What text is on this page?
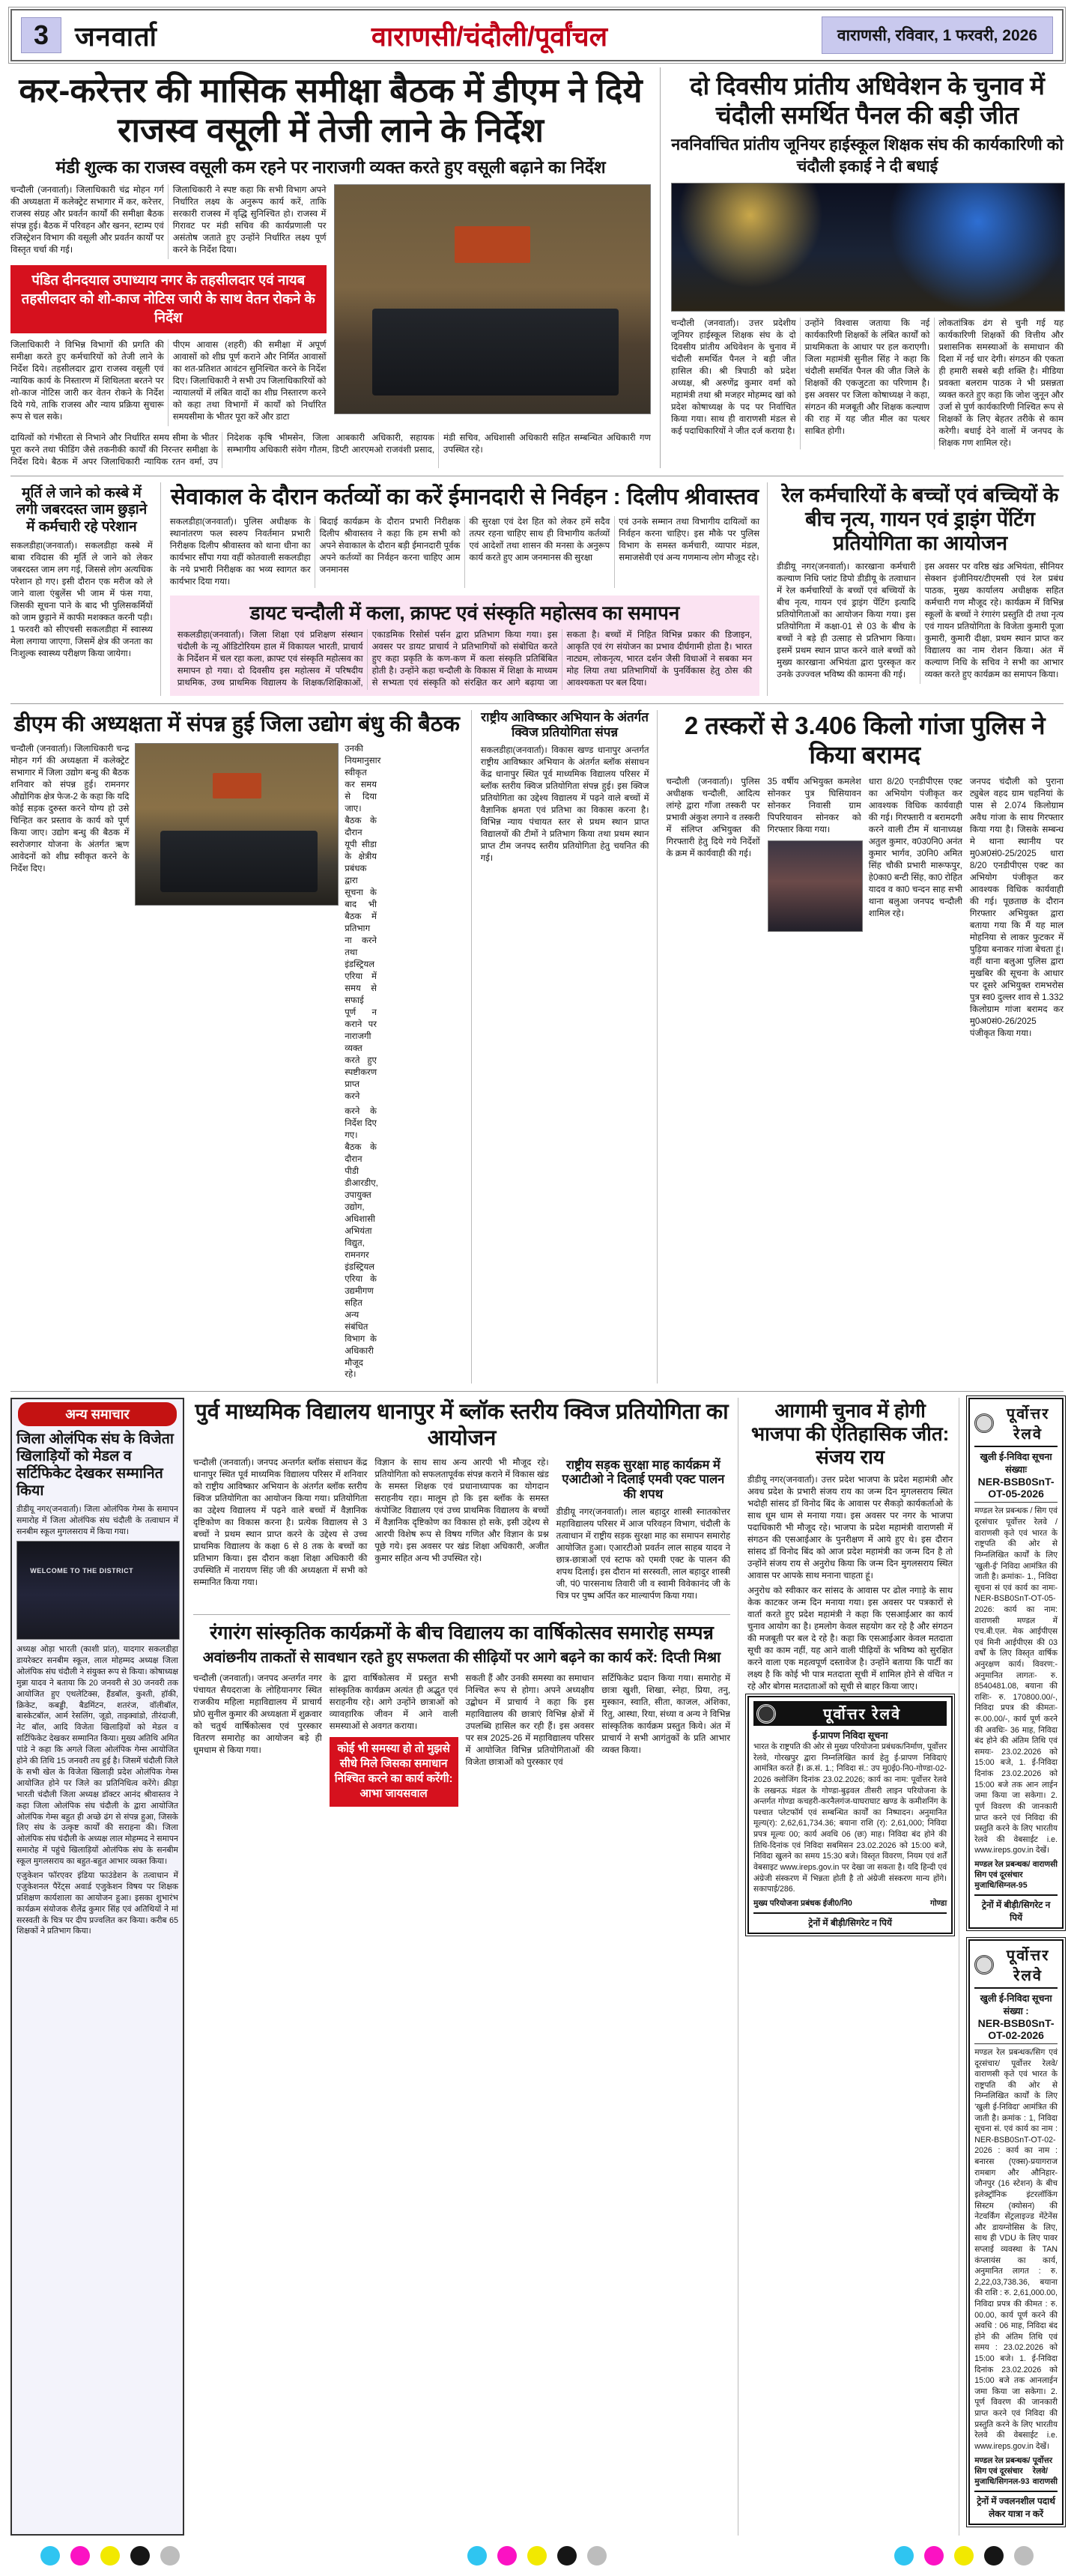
3 जनवार्ता	वाराणसी/चंदौली/पूर्वांचल	वाराणसी, रविवार, 1 फरवरी, 2026
कर-करेत्तर की मासिक समीक्षा बैठक में डीएम ने दिये राजस्व वसूली में तेजी लाने के निर्देश
मंडी शुल्क का राजस्व वसूली कम रहने पर नाराजगी व्यक्त करते हुए वसूली बढ़ाने का निर्देश

चन्दौली (जनवार्ता)। जिलाधिकारी चंद्र मोहन गर्ग की अध्यक्षता में कलेक्ट्रेट सभागार में कर, करेत्तर, राजस्व संग्रह और प्रवर्तन कार्यों की समीक्षा बैठक संपन्न हुई। बैठक में परिवहन और खनन, स्टाम्प एवं रजिस्ट्रेशन विभाग की वसूली और प्रवर्तन कार्यों पर विस्तृत चर्चा की गई।

जिलाधिकारी ने स्पष्ट कहा कि सभी विभाग अपने निर्धारित लक्ष्य के अनुरूप कार्य करें, ताकि सरकारी राजस्व में वृद्धि सुनिश्चित हो। राजस्व में गिरावट पर मंडी सचिव की कार्यप्रणाली पर असंतोष जताते हुए उन्होंने निर्धारित लक्ष्य पूर्ण करने के निर्देश दिया।

पंडित दीनदयाल उपाध्याय नगर के तहसीलदार एवं नायब तहसीलदार को शो-काज नोटिस जारी के साथ वेतन रोकने के निर्देश

जिलाधिकारी ने विभिन्न विभागों की प्रगति की समीक्षा करते हुए कर्मचारियों को तेजी लाने के निर्देश दिये। तहसीलदार द्वारा राजस्व वसूली एवं न्यायिक कार्य के निस्तारण में शिथिलता बरतने पर शो-काज नोटिस जारी कर वेतन रोकने के निर्देश दिये गये, ताकि राजस्व और न्याय प्रक्रिया सुचारू रूप से चल सके।

पीएम आवास (शहरी) की समीक्षा में अपूर्ण आवासों को शीघ्र पूर्ण कराने और निर्मित आवासों का शत-प्रतिशत आवंटन सुनिश्चित करने के निर्देश दिए। जिलाधिकारी ने सभी उप जिलाधिकारियों को न्यायालयों में लंबित वादों का शीघ्र निस्तारण करने को कहा तथा विभागों में कार्यों को निर्धारित समयसीमा के भीतर पूरा करें और डाटा

दायित्वों को गंभीरता से निभाने और निर्धारित समय सीमा के भीतर पूरा करने तथा फीडिंग जैसे तकनीकी कार्यों की निरन्तर समीक्षा के निर्देश दिये। बैठक में अपर जिलाधिकारी न्यायिक रतन वर्मा, उप निदेशक कृषि भीमसेन, जिला आबकारी अधिकारी, सहायक सम्भागीय अधिकारी संवेग गौतम, डिप्टी आरएमओ राजवंशी प्रसाद, मंडी सचिव, अधिशासी अधिकारी सहित सम्बन्धित अधिकारी गण उपस्थित रहे।

दो दिवसीय प्रांतीय अधिवेशन के चुनाव में चंदौली समर्थित पैनल की बड़ी जीत
नवनिर्वाचित प्रांतीय जूनियर हाईस्कूल शिक्षक संघ की कार्यकारिणी को चंदौली इकाई ने दी बधाई

चन्दौली (जनवार्ता)। उत्तर प्रदेशीय जूनियर हाईस्कूल शिक्षक संघ के दो दिवसीय प्रांतीय अधिवेशन के चुनाव में चंदौली समर्थित पैनल ने बड़ी जीत हासिल की। श्री त्रिपाठी को प्रदेश अध्यक्ष, श्री अरुणेंद्र कुमार वर्मा को महामंत्री तथा श्री मजहर मोहम्मद खां को प्रदेश कोषाध्यक्ष के पद पर निर्वाचित किया गया। साथ ही वाराणसी मंडल से कई पदाधिकारियों ने जीत दर्ज कराया है।

उन्होंने विश्वास जताया कि नई कार्यकारिणी शिक्षकों के लंबित कार्यों को प्राथमिकता के आधार पर हल कराएगी। जिला महामंत्री सुनील सिंह ने कहा कि चंदौली समर्थित पैनल की जीत जिले के शिक्षकों की एकजुटता का परिणाम है। इस अवसर पर जिला कोषाध्यक्ष ने कहा, संगठन की मजबूती और शिक्षक कल्याण की राह में यह जीत मील का पत्थर साबित होगी।

लोकतांत्रिक ढंग से चुनी गई यह कार्यकारिणी शिक्षकों की वित्तीय और प्रशासनिक समस्याओं के समाधान की दिशा में नई धार देगी। संगठन की एकता ही हमारी सबसे बड़ी शक्ति है। मीडिया प्रवक्ता बलराम पाठक ने भी प्रसन्नता व्यक्त करते हुए कहा कि जोश जुनून और उर्जा से पुर्ण कार्यकारिणी निश्चित रूप से शिक्षकों के लिए बेहतर तरीके से काम करेगी। बधाई देने वालों में जनपद के शिक्षक गण शामिल रहे।

मूर्ति ले जाने को कस्बे में लगी जबरदस्त जाम छुड़ाने में कर्मचारी रहे परेशान

सकलडीहा(जनवार्ता)। सकलडीहा कस्बे में बाबा रविदास की मूर्ति ले जाने को लेकर जबरदस्त जाम लग गई, जिससे लोग अत्यधिक परेशान हो गए। इसी दौरान एक मरीज को ले जाने वाला एंबुलेंस भी जाम में फंस गया, जिसकी सूचना पाने के बाद भी पुलिसकर्मियों को जाम छुड़ाने में काफी मशक्कत करनी पड़ी। 1 फरवरी को सीएचसी सकलडीहा में स्वास्थ्य मेला लगाया जाएगा, जिसमें क्षेत्र की जनता का निःशुल्क स्वास्थ्य परीक्षण किया जायेगा।

सेवाकाल के दौरान कर्तव्यों का करें ईमानदारी से निर्वहन : दिलीप श्रीवास्तव

सकलडीहा(जनवार्ता)। पुलिस अधीक्षक के स्थानांतरण फल स्वरुप निवर्तमान प्रभारी निरीक्षक दिलीप श्रीवास्तव को थाना धीना का कार्यभार सौंपा गया वहीं कोतवाली सकलडीहा के नये प्रभारी निरीक्षक का भव्य स्वागत कर कार्यभार दिया गया।

बिदाई कार्यक्रम के दौरान प्रभारी निरीक्षक दिलीप श्रीवास्तव ने कहा कि हम सभी को अपने सेवाकाल के दौरान बड़ी ईमानदारी पूर्वक अपने कर्तव्यों का निर्वहन करना चाहिए आम जनमानस

की सुरक्षा एवं देश हित को लेकर हमें सदैव तत्पर रहना चाहिए साथ ही विभागीय कर्तव्यों एवं आदेशों तथा शासन की मनसा के अनुरूप कार्य करते हुए आम जनमानस की सुरक्षा

एवं उनके सम्मान तथा विभागीय दायित्वों का निर्वहन करना चाहिए। इस मौके पर पुलिस विभाग के समस्त कर्मचारी, व्यापार मंडल, समाजसेवी एवं अन्य गणमान्य लोग मौजूद रहे।

डायट चन्दौली में कला, क्राफ्ट एवं संस्कृति महोत्सव का समापन

सकलडीहा(जनवार्ता)। जिला शिक्षा एवं प्रशिक्षण संस्थान चंदौली के न्यू ऑडिटोरियम हाल में विकायल भारती, प्राचार्य के निर्देशन में चल रहा कला, क्राफ्ट एवं संस्कृति महोत्सव का समापन हो गया। दो दिवसीय इस महोत्सव में परिषदीय प्राथमिक, उच्च प्राथमिक विद्यालय के शिक्षक/शिक्षिकाओं, एकाडमिक रिसोर्स पर्सन द्वारा प्रतिभाग किया गया। इस अवसर पर डायट प्राचार्य ने प्रतिभागियों को संबोधित करते हुए कहा प्रकृति के कण-कण में कला संस्कृति प्रतिबिंबित होती है। उन्होंने कहा चन्दौली के विकास में शिक्षा के माध्यम से सभ्यता एवं संस्कृति को संरक्षित कर आगे बढ़ाया जा सकता है। बच्चों में निहित विभिन्न प्रकार की डिजाइन, आकृति एवं रंग संयोजन का प्रभाव दीर्घगामी होता है। भारत नाट्यम, लोकनृत्य, भारत दर्शन जैसी विधाओं ने सबका मन मोह लिया तथा प्रतिभागियों के पुनर्विकास हेतु ठोस की आवश्यकता पर बल दिया।

रेल कर्मचारियों के बच्चों एवं बच्चियों के बीच नृत्य, गायन एवं ड्राइंग पेंटिंग प्रतियोगिता का आयोजन

डीडीयू नगर(जनवार्ता)। कारखाना कर्मचारी कल्याण निधि प्लांट डिपो डीडीयू के तत्वाधान में रेल कर्मचारियों के बच्चों एवं बच्चियों के बीच नृत्य, गायन एवं ड्राइंग पेंटिंग इत्यादि प्रतियोगिताओं का आयोजन किया गया। इस प्रतियोगिता में कक्षा-01 से 03 के बीच के बच्चों ने बड़े ही उत्साह से प्रतिभाग किया। इसमें प्रथम स्थान प्राप्त करने वाले बच्चों को मुख्य कारखाना अभियंता द्वारा पुरस्कृत कर उनके उज्ज्वल भविष्य की कामना की गई।

इस अवसर पर वरिष्ठ खंड अभियंता, सीनियर सेक्शन इंजीनियर/टीएमसी एवं रेल प्रबंध पाठक, मुख्य कार्यालय अधीक्षक सहित कर्मचारी गण मौजूद रहे। कार्यक्रम में विभिन्न स्कूलों के बच्चों ने रंगारंग प्रस्तुति दी तथा नृत्य एवं गायन प्रतियोगिता के विजेता कुमारी पूजा कुमारी, कुमारी दीक्षा, प्रथम स्थान प्राप्त कर विद्यालय का नाम रोशन किया। अंत में कल्याण निधि के सचिव ने सभी का आभार व्यक्त करते हुए कार्यक्रम का समापन किया।

डीएम की अध्यक्षता में संपन्न हुई जिला उद्योग बंधु की बैठक

चन्दौली (जनवार्ता)। जिलाधिकारी चन्द्र मोहन गर्ग की अध्यक्षता में कलेक्ट्रेट सभागार में जिला उद्योग बन्धु की बैठक शनिवार को संपन्न हुई। रामनगर औद्योगिक क्षेत्र फेज-2 के कहा कि यदि कोई सड़क दुरुस्त करने योग्य हो उसे चिन्हित कर प्रस्ताव के कार्य को पूर्ण किया जाए। उद्योग बन्धु की बैठक में स्वरोजगार योजना के अंतर्गत ऋण आवेदनों को शीघ्र स्वीकृत करने के निर्देश दिए।

उनकी नियमानुसार स्वीकृत कर समय से दिया जाए। बैठक के दौरान यूपी सीडा के क्षेत्रीय प्रबंधक द्वारा सूचना के बाद भी बैठक में प्रतिभाग ना करने तथा इंडस्ट्रियल एरिया में समय से सफाई पूर्ण न कराने पर नाराजगी व्यक्त करते हुए स्पष्टीकरण प्राप्त करने

करने के निर्देश दिए गए। बैठक के दौरान पीडी डीआरडीए, उपायुक्त उद्योग, अधिशासी अभियंता विद्युत, रामनगर इंडस्ट्रियल एरिया के उद्यमीगण सहित अन्य संबंधित विभाग के अधिकारी मौजूद रहे।

राष्ट्रीय आविष्कार अभियान के अंतर्गत क्विज प्रतियोगिता संपन्न

सकलडीहा(जनवार्ता)। विकास खण्ड धानापुर अन्तर्गत राष्ट्रीय आविष्कार अभियान के अंतर्गत ब्लॉक संसाधन केंद्र धानापुर स्थित पूर्व माध्यमिक विद्यालय परिसर में ब्लॉक स्तरीय क्विज प्रतियोगिता संपन्न हुई। इस क्विज प्रतियोगिता का उद्देश्य विद्यालय में पढ़ने वाले बच्चों में वैज्ञानिक क्षमता एवं प्रतिभा का विकास करना है। विभिन्न न्याय पंचायत स्तर से प्रथम स्थान प्राप्त विद्यालयों की टीमों ने प्रतिभाग किया तथा प्रथम स्थान प्राप्त टीम जनपद स्तरीय प्रतियोगिता हेतु चयनित की गई।

2 तस्करों से 3.406 किलो गांजा पुलिस ने किया बरामद

चन्दौली (जनवार्ता)। पुलिस अधीक्षक चन्दौली, आदित्य लांग्हे द्वारा गाँजा तस्करी पर प्रभावी अंकुश लगाने व तस्करी में संलिप्त अभियुक्त की गिरफ्तारी हेतु दिये गये निर्देशों के क्रम में कार्यवाही की गई।

35 वर्षीय अभियुक्त कमलेश सोनकर पुत्र घिसियावन सोनकर निवासी ग्राम पिपरियावन सोनकर को गिरफ्तार किया गया।

धारा 8/20 एनडीपीएस एक्ट का अभियोग पंजीकृत कर आवश्यक विधिक कार्यवाही की गई। गिरफ्तारी व बरामदगी करने वाली टीम में थानाध्यक्ष अतुल कुमार, व0उ0नि0 अनंत कुमार भार्गव, उ0नि0 अमित सिंह चौकी प्रभारी मारूफपुर, हे0का0 बन्टी सिंह, का0 रोहित यादव व का0 चन्दन साह सभी थाना बलुआ जनपद चन्दौली शामिल रहे।

जनपद चंदौली को पुराना ट्युबेल वहद ग्राम चहनियां के पास से 2.074 किलोग्राम अवैध गांजा के साथ गिरफ्तार किया गया है। जिसके सम्बन्ध मे थाना स्थानीय पर मु0अ0सं0-25/2025 धारा 8/20 एनडीपीएस एक्ट का अभियोग पंजीकृत कर आवश्यक विधिक कार्यवाही की गई। पूछताछ के दौरान गिरफ्तार अभियुक्त द्वारा बताया गया कि मैं यह माल मोहनिया से लाकर फुटकर में पुड़िया बनाकर गांजा बेचता हूं। वहीं थाना बलुआ पुलिस द्वारा मुखबिर की सूचना के आधार पर दूसरे अभियुक्त रामभरोस पुत्र स्व0 दुल्लर शाव से 1.332 किलोग्राम गांजा बरामद कर मु0अ0सं0-26/2025 पंजीकृत किया गया।

अन्य समाचार
जिला ओलंपिक संघ के विजेता खिलाड़ियों को मेडल व सर्टिफिकेट देखकर सम्मानित किया

डीडीयू नगर(जनवार्ता)। जिला ओलंपिक गेम्स के समापन समारोह में जिला ओलंपिक संघ चंदौली के तत्वाधान में सनबीम स्कूल मुगलसराय में किया गया।

WELCOME TO THE DISTRICT

अध्यक्ष ओड़ा भारती (काशी प्रांत), यादगार सकलडीहा डायरेक्टर सनबीम स्कूल, लाल मोहम्मद अध्यक्ष जिला ओलंपिक संघ चंदौली ने संयुक्त रूप से किया। कोषाध्यक्ष मुन्ना यादव ने बताया कि 20 जनवरी से 30 जनवरी तक आयोजित हुए एथलेटिक्स, हैंडबॉल, कुश्ती, हॉकी, क्रिकेट, कबड्डी, बैडमिंटन, शतरंज, वॉलीबॉल, बास्केटबॉल, आर्म रेसलिंग, जूडो, ताइक्वांडो, तीरंदाजी, नेट बॉल, आदि विजेता खिलाड़ियों को मेडल व सर्टिफिकेट देखकर सम्मानित किया। मुख्य अतिथि अमित पांडे ने कहा कि अगले जिला ओलंपिक गेम्स आयोजित होने की तिथि 15 जनवरी तय हुई है। जिसमें चंदौली जिले के सभी खेल के विजेता खिलाड़ी प्रदेश ओलंपिक गेम्स आयोजित होने पर जिले का प्रतिनिधित्व करेंगे। क्रीड़ा भारती चंदौली जिला अध्यक्ष डॉक्टर आनंद श्रीवास्तव ने कहा जिला ओलंपिक संघ चंदौली के द्वारा आयोजित ओलंपिक गेम्स बहुत ही अच्छे ढंग से संपन्न हुआ, जिसके लिए संघ के उत्कृष्ट कार्यों की सराहना की। जिला ओलंपिक संघ चंदौली के अध्यक्ष लाल मोहम्मद ने समापन समारोह में पहुंचे खिलाड़ियों ओलंपिक संघ के सनबीम स्कूल मुगलसराय का बहुत-बहुत आभार व्यक्त किया।

एजुकेशन फॉरएवर इंडिया फाउंडेशन के तत्वाधान में एजुकेशनल पैरेंट्स अवार्ड एजुकेशन विषय पर शिक्षक प्रशिक्षण कार्यशाला का आयोजन हुआ। इसका शुभारंभ कार्यक्रम संयोजक शैलेंद्र कुमार सिंह एवं अतिथियों ने मां सरस्वती के चित्र पर दीप प्रज्वलित कर किया। करीब 65 शिक्षकों ने प्रतिभाग किया।

पुर्व माध्यमिक विद्यालय धानापुर में ब्लॉक स्तरीय क्विज प्रतियोगिता का आयोजन

चन्दौली (जनवार्ता)। जनपद अन्तर्गत ब्लॉक संसाधन केंद्र धानापुर स्थित पूर्व माध्यमिक विद्यालय परिसर में शनिवार को राष्ट्रीय आविष्कार अभियान के अंतर्गत ब्लॉक स्तरीय क्विज प्रतियोगिता का आयोजन किया गया। प्रतियोगिता का उद्देश्य विद्यालय में पढ़ने वाले बच्चों में वैज्ञानिक दृष्टिकोण का विकास करना है। प्रत्येक विद्यालय से 3 बच्चों ने प्रथम स्थान प्राप्त करने के उद्देश्य से उच्च प्राथमिक विद्यालय के कक्षा 6 से 8 तक के बच्चों का प्रतिभाग किया। इस दौरान कक्षा शिक्षा अधिकारी की उपस्थिति में नारायण सिंह जी की अध्यक्षता में सभी को सम्मानित किया गया।

विज्ञान के साथ साथ अन्य आरपी भी मौजूद रहे। प्रतियोगिता को सफलतापूर्वक संपन्न कराने में विकास खंड के समस्त शिक्षक एवं प्रधानाध्यापक का योगदान सराहनीय रहा। मालूम हो कि इस ब्लॉक के समस्त कंपोजिट विद्यालय एवं उच्च प्राथमिक विद्यालय के बच्चों में वैज्ञानिक दृष्टिकोण का विकास हो सके, इसी उद्देश्य से आरपी विशेष रूप से विषय गणित और विज्ञान के प्रश्न पूछे गये। इस अवसर पर खंड शिक्षा अधिकारी, अजीत कुमार सहित अन्य भी उपस्थित रहे।

राष्ट्रीय सड़क सुरक्षा माह कार्यक्रम में एआटीओ ने दिलाई एमवी एक्ट पालन की शपथ

डीडीयू नगर(जनवार्ता)। लाल बहादुर शास्त्री स्नातकोत्तर महाविद्यालय परिसर में आज परिवहन विभाग, चंदौली के तत्वाधान में राष्ट्रीय सड़क सुरक्षा माह का समापन समारोह आयोजित हुआ। एआरटीओ प्रवर्तन लाल साहब यादव ने छात्र-छात्राओं एवं स्टाफ को एमवी एक्ट के पालन की शपथ दिलाई। इस दौरान मां सरस्वती, लाल बहादुर शास्त्री जी, पं0 पारसनाथ तिवारी जी व स्वामी विवेकानंद जी के चित्र पर पुष्प अर्पित कर माल्यार्पण किया गया।

रंगारंग सांस्कृतिक कार्यक्रमों के बीच विद्यालय का वार्षिकोत्सव समारोह सम्पन्न
अवांछनीय ताकतों से सावधान रहते हुए सफलता की सीढ़ियों पर आगे बढ़ने का कार्य करें: दिप्ती मिश्रा

चन्दौली (जनवार्ता)। जनपद अन्तर्गत नगर पंचायत सैयदराजा के लोहियानगर स्थित राजकीय महिला महाविद्यालय में प्राचार्य प्रो0 सुनील कुमार की अध्यक्षता में शुक्रवार को चतुर्थ वार्षिकोत्सव एवं पुरस्कार वितरण समारोह का आयोजन बड़े ही धूमधाम से किया गया।

के द्वारा वार्षिकोत्सव में प्रस्तुत सभी सांस्कृतिक कार्यक्रम अत्यंत ही अद्भुत एवं सराहनीय रहे। आगे उन्होंने छात्राओं को व्यावहारिक जीवन में आने वाली समस्याओं से अवगत कराया।

कोई भी समस्या हो तो मुझसे सीधे मिले जिसका समाधान निश्चित करने का कार्य करेंगी: आभा जायसवाल

सकती हैं और उनकी समस्या का समाधान निश्चित रूप से होगा। अपने अध्यक्षीय उद्बोधन में प्राचार्य ने कहा कि इस महाविद्यालय की छात्राएं विभिन्न क्षेत्रों में उपलब्धि हासिल कर रही हैं। इस अवसर पर सत्र 2025-26 में महाविद्यालय परिसर में आयोजित विभिन्न प्रतियोगिताओं की विजेता छात्राओं को पुरस्कार एवं

सर्टिफिकेट प्रदान किया गया। समारोह में छात्रा खुशी, शिखा, स्नेहा, प्रिया, तनु, मुस्कान, स्वाति, सीता, काजल, अंशिका, रितु, आस्था, रिया, संध्या व अन्य ने विभिन्न सांस्कृतिक कार्यक्रम प्रस्तुत किये। अंत में प्राचार्य ने सभी आगंतुकों के प्रति आभार व्यक्त किया।

आगामी चुनाव में होगी भाजपा की ऐतिहासिक जीत: संजय राय

डीडीयू नगर(जनवार्ता)। उत्तर प्रदेश भाजपा के प्रदेश महामंत्री और अवध प्रदेश के प्रभारी संजय राय का जन्म दिन मुगलसराय स्थित भदोही सांसद डॉ विनोद बिंद के आवास पर सैकड़ो कार्यकर्ताओ के साथ धूम धाम से मनाया गया। इस अवसर पर नगर के भाजपा पदाधिकारी भी मौजूद रहे। भाजपा के प्रदेश महामंत्री वाराणसी में संगठन की एसआईआर के पुनरीक्षण में आये हुए थे। इस दौरान सांसद डॉ विनोद बिंद को आज प्रदेश महामंत्री का जन्म दिन है तो उन्होंने संजय राय से अनुरोध किया कि जन्म दिन मुगलसराय स्थित आवास पर आपके साथ मनाना चाहता हूं।

अनुरोध को स्वीकार कर सांसद के आवास पर ढोल नगाड़े के साथ केक काटकर जन्म दिन मनाया गया। इस अवसर पर पत्रकारों से वार्ता करते हुए प्रदेश महामंत्री ने कहा कि एसआईआर का कार्य चुनाव आयोग का है। हमलोग केवल सहयोग कर रहे है और संगठन की मजबूती पर बल दे रहे है। कहा कि एसआईआर केवल मतदाता सूची का काम नहीं, यह आने वाली पीढ़ियों के भविष्य को सुरक्षित करने वाला एक महत्वपूर्ण दस्तावेज है। उन्होंने बताया कि पार्टी का लक्ष्य है कि कोई भी पात्र मतदाता सूची में शामिल होने से वंचित न रहे और बोगस मतदाताओं को सूची से बाहर किया जाए।

पूर्वोत्तर रेलवे
ई-प्रापण निविदा सूचना
भारत के राष्ट्रपति की ओर से मुख्य परियोजना प्रबंधक/निर्माण, पूर्वोत्तर रेलवे, गोरखपुर द्वारा निम्नलिखित कार्य हेतु ई-प्रापण निविदाएं आमंत्रित करते हैं। क्र.सं. 1.; निविदा सं.: उप मु0ई0-नि0-गोण्डा-02-2026 क्लोजिंग दिनांक 23.02.2026; कार्य का नाम: पूर्वोत्तर रेलवे के लखनऊ मंडल के गोण्डा-बुढ़वल तीसरी लाइन परियोजना के अन्तर्गत गोण्डा कचहरी-करनैलगंज-घाघराघाट खण्ड के कमीशनिंग के पश्चात प्लेटफॉर्म एवं सम्बन्धित कार्यों का निष्पादन। अनुमानित मूल्य(र): 2,62,61,734.36; बयाना राशि (र): 2,61,000; निविदा प्रपत्र मूल्यः 00; कार्य अवधि 06 (छः) माह। निविदा बंद होने की तिथि-दिनांक एवं निविदा सबमिसन 23.02.2026 को 15:00 बजे, निविदा खुलने का समय 15:30 बजे। विस्तृत विवरण, नियम एवं शर्तें वेबसाइट www.ireps.gov.in पर देखा जा सकता है। यदि हिन्दी एवं अंग्रेजी संस्करण में भिन्नता होती है तो अंग्रेजी संस्करण मान्य होंगे। सकापाई/286.
मुख्य परियोजना प्रबंधक ईजी0/नि0	गोण्डा
ट्रेनों में बीड़ी/सिगरेट न पियें
पूर्वोत्तर रेलवे
खुली ई-निविदा सूचना संख्याः
NER-BSB0SnT-OT-05-2026
मण्डल रेल प्रबन्धक / सिग एवं दूरसंचार पूर्वोत्तर रेलवे /वाराणसी कृते एवं भारत के राष्ट्रपति की ओर से निम्नलिखित कार्यों के लिए 'खुली-ई' निविदा आमंत्रित की जाती है। क्रमांकः- 1., निविदा सूचना सं एवं कार्य का नामः- NER-BSB0SnT-OT-05-2026: कार्य का नाम: वाराणसी मण्डल में एच.बी.एल. मेक आईपीएस एवं मिनी आईपीएस की 03 वर्षों के लिए विस्तृत वार्षिक अनुरक्षण कार्य। विवरण:- अनुमानित लागतः- रु. 8540481.08, बयाना की राशिः- रु. 170800.00/-, निविदा प्रपत्र की कीमतः- रू.00.00/-, कार्य पूर्ण करने की अवधिः- 36 माह, निविदा बंद होने की अंतिम तिथि एवं समयः- 23.02.2026 को 15:00 बजे, 1. ई-निविदा दिनांक 23.02.2026 को 15:00 बजे तक आन लाईन जमा किया जा सकेगा। 2. पूर्ण विवरण की जानकारी प्राप्त करने एवं निविदा की प्रस्तुति करने के लिए भारतीय रेलवे की वेबसाईट i.e. www.ireps.gov.in देखें।
मण्डल रेल प्रबन्धक/सिग एवं दूरसंचार मुजाधि/सिग्नल-95
वाराणसी
ट्रेनों में बीड़ी/सिगरेट न पियें
पूर्वोत्तर रेलवे
खुली ई-निविदा सूचना संख्या :
NER-BSB0SnT-OT-02-2026
मण्डल रेल प्रबन्धक/सिग एवं दूरसंचार/ पूर्वोत्तर रेलवे/वाराणसी कृते एवं भारत के राष्ट्रपति की ओर से निम्नलिखित कार्यों के लिए 'खुली ई-निविदा' आमंत्रित की जाती है। क्रमांक : 1, निविदा सूचना सं. एवं कार्य का नाम : NER-BSB0SnT-OT-02-2026 : कार्य का नाम : बनारस (एक्स)-प्रयागराज रामबाग और औनिहार-जौनपुर (16 स्टेशन) के बीच इलेक्ट्रॉनिक इंटरलॉकिंग सिस्टम (क्योसन) की नेटवर्किंग सेंट्रलाइज्ड मेंटेनेंस और डायग्नोसिस के लिए, साथ ही VDU के लिए पावर सप्लाई व्यवस्था के TAN कंप्लायंस का कार्य, अनुमानित लागत : रु. 2,22,03,738.36, बयाना की राशि : रु. 2,61,000.00, निविदा प्रपत्र की कीमत : रु. 00.00, कार्य पूर्ण करने की अवधि : 06 माह, निविदा बंद होने की अंतिम तिथि एवं समय : 23.02.2026 को 15:00 बजे। 1. ई-निविदा दिनांक 23.02.2026 को 15:00 बजे तक आनलाईन जमा किया जा सकेगा। 2. पूर्ण विवरण की जानकारी प्राप्त करने एवं निविदा की प्रस्तुति करने के लिए भारतीय रेलवे की वेबसाईट i.e. www.ireps.gov.in देखें।
मण्डल रेल प्रबन्धक/सिग एवं दूरसंचार मुजाधि/सिगनल-93
पूर्वोत्तर रेलवे/वाराणसी
ट्रेनों में ज्वलनशील पदार्थ लेकर यात्रा न करें
